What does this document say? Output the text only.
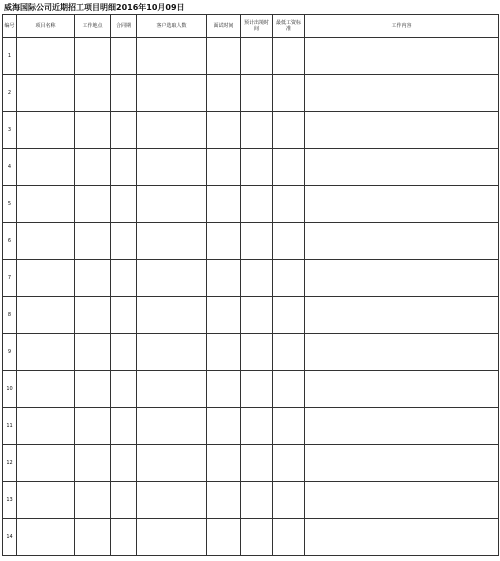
威海国际公司近期招工项目明细2016年10月09日
编号	项目名称	工作地点	合同期	客户选取人数	面试时间	预计出境时间	最低工资标准	工作内容
1								
2								
3								
4								
5								
6								
7								
8								
9								
10								
11								
12								
13								
14								
